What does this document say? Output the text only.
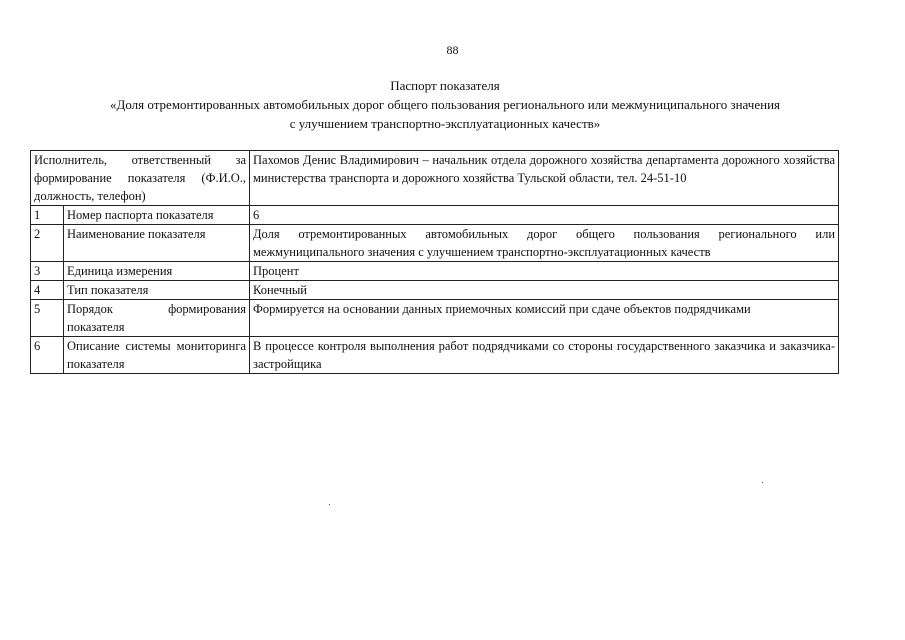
88
Паспорт показателя
«Доля отремонтированных автомобильных дорог общего пользования регионального или межмуниципального значения
с улучшением транспортно-эксплуатационных качеств»
Исполнитель, ответственный за формирование показателя (Ф.И.О., должность, телефон)		Пахомов Денис Владимирович – начальник отдела дорожного хозяйства департамента дорожного хозяйства министерства транспорта и дорожного хозяйства Тульской области, тел. 24-51-10
1	Номер паспорта показателя	6
2	Наименование показателя	Доля отремонтированных автомобильных дорог общего пользования регионального или межмуниципального значения с улучшением транспортно-эксплуатационных качеств
3	Единица измерения	Процент
4	Тип показателя	Конечный
5	Порядок формирования показателя	Формируется на основании данных приемочных комиссий при сдаче объектов подрядчиками
6	Описание системы мониторинга показателя	В процессе контроля выполнения работ подрядчиками со стороны государственного заказчика и заказчика-застройщика
